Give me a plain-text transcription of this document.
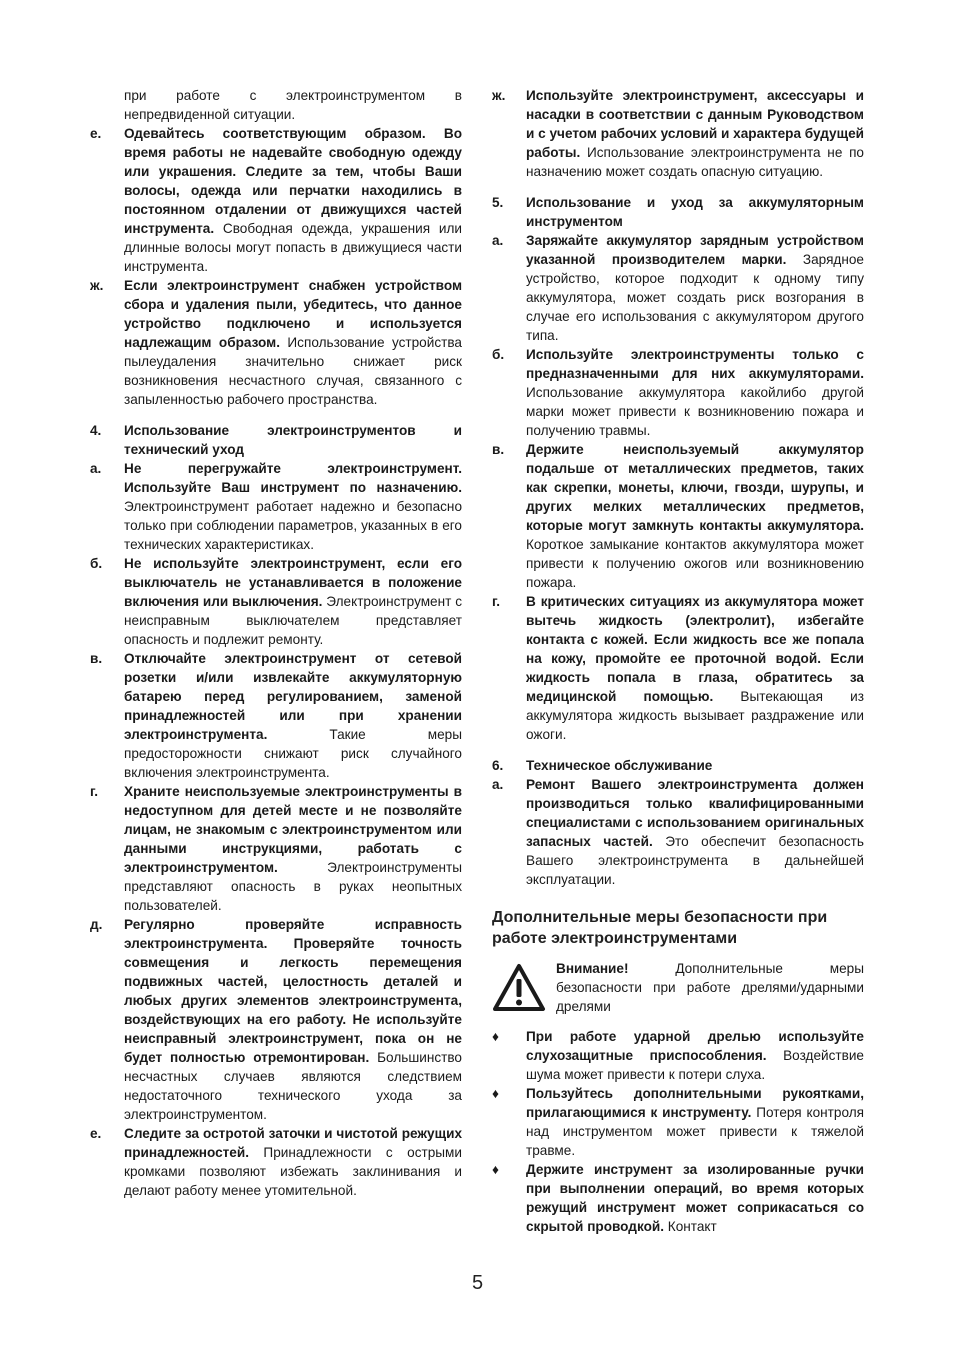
при работе с электроинструментом в непредвиденной ситуации.
е. Одевайтесь соответствующим образом. Во время работы не надевайте свободную одежду или украшения. Следите за тем, чтобы Ваши волосы, одежда или перчатки находились в постоянном отдалении от движущихся частей инструмента. Свободная одежда, украшения или длинные волосы могут попасть в движущиеся части инструмента.
ж. Если электроинструмент снабжен устройством сбора и удаления пыли, убедитесь, что данное устройство подключено и используется надлежащим образом. Использование устройства пылеудаления значительно снижает риск возникновения несчастного случая, связанного с запыленностью рабочего пространства.
4. Использование электроинструментов и технический уход
а. Не перегружайте электроинструмент. Используйте Ваш инструмент по назначению. Электроинструмент работает надежно и безопасно только при соблюдении параметров, указанных в его технических характеристиках.
б. Не используйте электроинструмент, если его выключатель не устанавливается в положение включения или выключения. Электроинструмент с неисправным выключателем представляет опасность и подлежит ремонту.
в. Отключайте электроинструмент от сетевой розетки и/или извлекайте аккумуляторную батарею перед регулированием, заменой принадлежностей или при хранении электроинструмента. Такие меры предосторожности снижают риск случайного включения электроинструмента.
г. Храните неиспользуемые электроинструменты в недоступном для детей месте и не позволяйте лицам, не знакомым с электроинструментом или данными инструкциями, работать с электроинструментом. Электроинструменты представляют опасность в руках неопытных пользователей.
д. Регулярно проверяйте исправность электроинструмента. Проверяйте точность совмещения и легкость перемещения подвижных частей, целостность деталей и любых других элементов электроинструмента, воздействующих на его работу. Не используйте неисправный электроинструмент, пока он не будет полностью отремонтирован. Большинство несчастных случаев являются следствием недостаточного технического ухода за электроинструментом.
е. Следите за остротой заточки и чистотой режущих принадлежностей. Принадлежности с острыми кромками позволяют избежать заклинивания и делают работу менее утомительной.
ж. Используйте электроинструмент, аксессуары и насадки в соответствии с данным Руководством и с учетом рабочих условий и характера будущей работы. Использование электроинструмента не по назначению может создать опасную ситуацию.
5. Использование и уход за аккумуляторным инструментом
а. Заряжайте аккумулятор зарядным устройством указанной производителем марки. Зарядное устройство, которое подходит к одному типу аккумулятора, может создать риск возгорания в случае его использования с аккумулятором другого типа.
б. Используйте электроинструменты только с предназначенными для них аккумуляторами. Использование аккумулятора какойлибо другой марки может привести к возникновению пожара и получению травмы.
в. Держите неиспользуемый аккумулятор подальше от металлических предметов, таких как скрепки, монеты, ключи, гвозди, шурупы, и других мелких металлических предметов, которые могут замкнуть контакты аккумулятора. Короткое замыкание контактов аккумулятора может привести к получению ожогов или возникновению пожара.
г. В критических ситуациях из аккумулятора может вытечь жидкость (электролит), избегайте контакта с кожей. Если жидкость все же попала на кожу, промойте ее проточной водой. Если жидкость попала в глаза, обратитесь за медицинской помощью. Вытекающая из аккумулятора жидкость вызывает раздражение или ожоги.
6. Техническое обслуживание
а. Ремонт Вашего электроинструмента должен производиться только квалифицированными специалистами с использованием оригинальных запасных частей. Это обеспечит безопасность Вашего электроинструмента в дальнейшей эксплуатации.
Дополнительные меры безопасности при работе электроинструментами
Внимание! Дополнительные меры безопасности при работе дрелями/ударными дрелями
♦ При работе ударной дрелью используйте слухозащитные приспособления. Воздействие шума может привести к потери слуха.
♦ Пользуйтесь дополнительными рукоятками, прилагающимися к инструменту. Потеря контроля над инструментом может привести к тяжелой травме.
♦ Держите инструмент за изолированные ручки при выполнении операций, во время которых режущий инструмент может соприкасаться со скрытой проводкой. Контакт
5
